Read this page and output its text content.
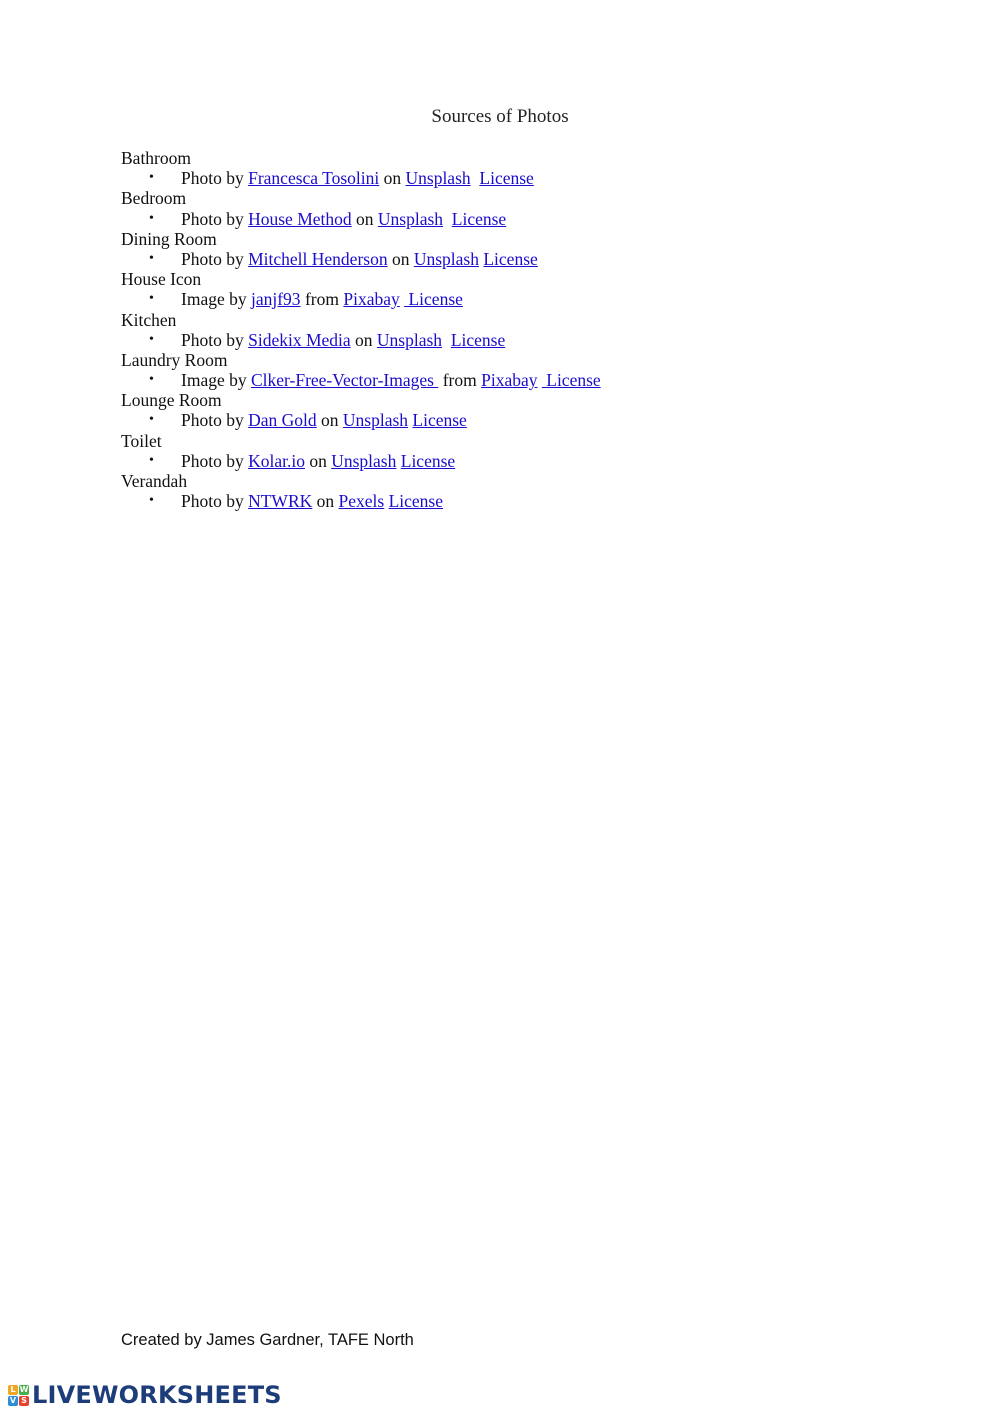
Sources of Photos
Bathroom
• Photo by Francesca Tosolini on Unsplash License
Bedroom
• Photo by House Method on Unsplash License
Dining Room
• Photo by Mitchell Henderson on Unsplash License
House Icon
• Image by janjf93 from Pixabay  License
Kitchen
• Photo by Sidekix Media on Unsplash License
Laundry Room
• Image by Clker-Free-Vector-Images  from Pixabay  License
Lounge Room
• Photo by Dan Gold on Unsplash License
Toilet
• Photo by Kolar.io on Unsplash License
Verandah
• Photo by NTWRK on Pexels License
Created by James Gardner, TAFE North
L W
V S LIVEWORKSHEETS
